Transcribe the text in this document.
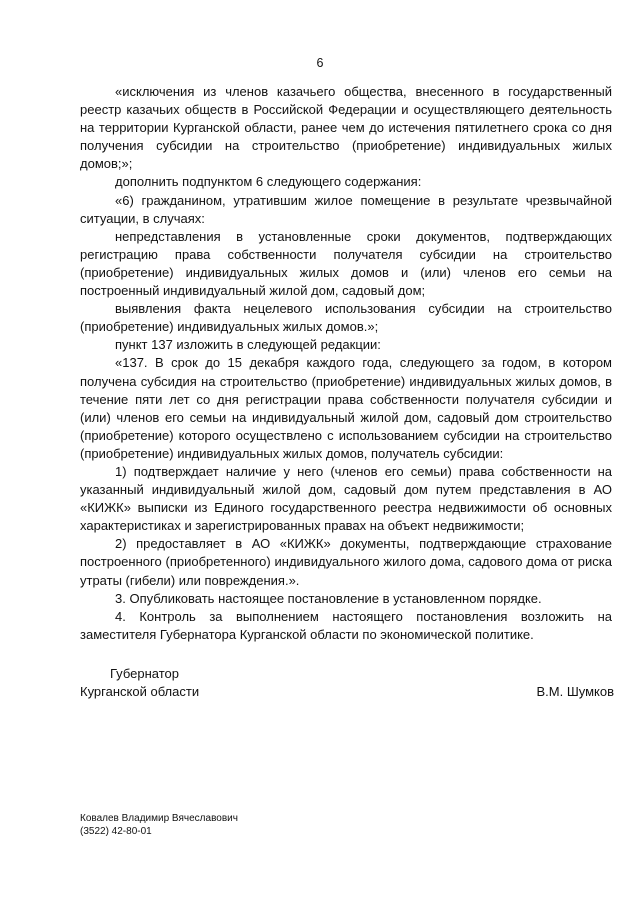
6

«исключения из членов казачьего общества, внесенного в государственный реестр казачьих обществ в Российской Федерации и осуществляющего деятельность на территории Курганской области, ранее чем до истечения пятилетнего срока со дня получения субсидии на строительство (приобретение) индивидуальных жилых домов;»;

дополнить подпунктом 6 следующего содержания:

«6) гражданином, утратившим жилое помещение в результате чрезвычайной ситуации, в случаях:

непредставления в установленные сроки документов, подтверждающих регистрацию права собственности получателя субсидии на строительство (приобретение) индивидуальных жилых домов и (или) членов его семьи на построенный индивидуальный жилой дом, садовый дом;

выявления факта нецелевого использования субсидии на строительство (приобретение) индивидуальных жилых домов.»;

пункт 137 изложить в следующей редакции:

«137. В срок до 15 декабря каждого года, следующего за годом, в котором получена субсидия на строительство (приобретение) индивидуальных жилых домов, в течение пяти лет со дня регистрации права собственности получателя субсидии и (или) членов его семьи на индивидуальный жилой дом, садовый дом строительство (приобретение) которого осуществлено с использованием субсидии на строительство (приобретение) индивидуальных жилых домов, получатель субсидии:

1) подтверждает наличие у него (членов его семьи) права собственности на указанный индивидуальный жилой дом, садовый дом путем представления в АО «КИЖК» выписки из Единого государственного реестра недвижимости об основных характеристиках и зарегистрированных правах на объект недвижимости;

2) предоставляет в АО «КИЖК» документы, подтверждающие страхование построенного (приобретенного) индивидуального жилого дома, садового дома от риска утраты (гибели) или повреждения.».

3. Опубликовать настоящее постановление в установленном порядке.

4. Контроль за выполнением настоящего постановления возложить на заместителя Губернатора Курганской области по экономической политике.

Губернатор
Курганской области	В.М. Шумков
Ковалев Владимир Вячеславович
(3522) 42-80-01
